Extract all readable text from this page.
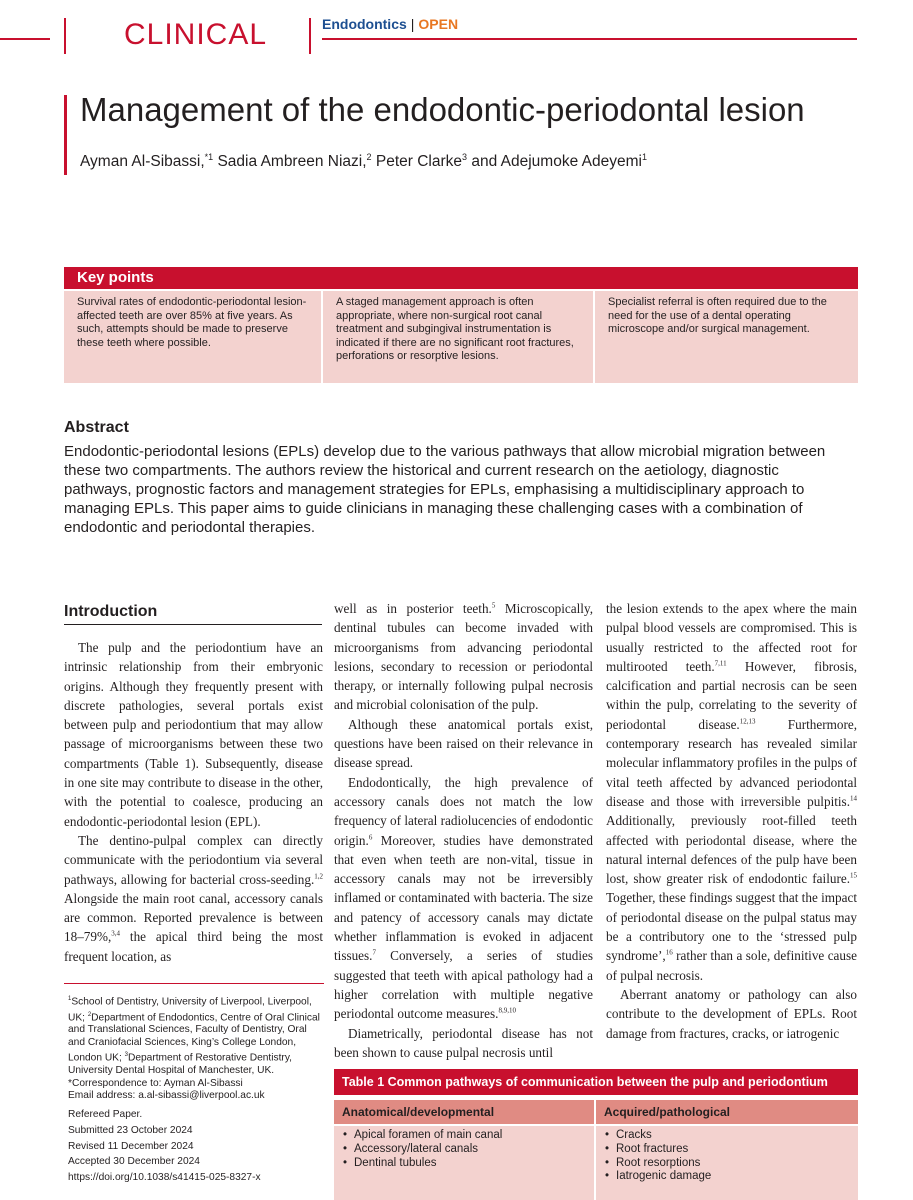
CLINICAL	Endodontics | OPEN
Management of the endodontic-periodontal lesion
Ayman Al-Sibassi,$^{*1}$ Sadia Ambreen Niazi,$^2$ Peter Clarke$^3$ and Adejumoke Adeyemi$^1$
Key points
Survival rates of endodontic-periodontal lesion-affected teeth are over 85% at five years. As such, attempts should be made to preserve these teeth where possible.
A staged management approach is often appropriate, where non-surgical root canal treatment and subgingival instrumentation is indicated if there are no significant root fractures, perforations or resorptive lesions.
Specialist referral is often required due to the need for the use of a dental operating microscope and/or surgical management.
Abstract
Endodontic-periodontal lesions (EPLs) develop due to the various pathways that allow microbial migration between these two compartments. The authors review the historical and current research on the aetiology, diagnostic pathways, prognostic factors and management strategies for EPLs, emphasising a multidisciplinary approach to managing EPLs. This paper aims to guide clinicians in managing these challenging cases with a combination of endodontic and periodontal therapies.
Introduction

The pulp and the periodontium have an intrinsic relationship from their embryonic origins. Although they frequently present with discrete pathologies, several portals exist between pulp and periodontium that may allow passage of microorganisms between these two compartments (Table 1). Subsequently, disease in one site may contribute to disease in the other, with the potential to coalesce, producing an endodontic-periodontal lesion (EPL).

The dentino-pulpal complex can directly communicate with the periodontium via several pathways, allowing for bacterial cross-seeding.$^{1,2}$ Alongside the main root canal, accessory canals are common. Reported prevalence is between 18–79%,$^{3,4}$ the apical third being the most frequent location, as

well as in posterior teeth.$^5$ Microscopically, dentinal tubules can become invaded with microorganisms from advancing periodontal lesions, secondary to recession or periodontal therapy, or internally following pulpal necrosis and microbial colonisation of the pulp.

Although these anatomical portals exist, questions have been raised on their relevance in disease spread.

Endodontically, the high prevalence of accessory canals does not match the low frequency of lateral radiolucencies of endodontic origin.$^6$ Moreover, studies have demonstrated that even when teeth are non-vital, tissue in accessory canals may not be irreversibly inflamed or contaminated with bacteria. The size and patency of accessory canals may dictate whether inflammation is evoked in adjacent tissues.$^7$ Conversely, a series of studies suggested that teeth with apical pathology had a higher correlation with multiple negative periodontal outcome measures.$^{8,9,10}$

Diametrically, periodontal disease has not been shown to cause pulpal necrosis until

the lesion extends to the apex where the main pulpal blood vessels are compromised. This is usually restricted to the affected root for multirooted teeth.$^{7,11}$ However, fibrosis, calcification and partial necrosis can be seen within the pulp, correlating to the severity of periodontal disease.$^{12,13}$ Furthermore, contemporary research has revealed similar molecular inflammatory profiles in the pulps of vital teeth affected by advanced periodontal disease and those with irreversible pulpitis.$^{14}$ Additionally, previously root-filled teeth affected with periodontal disease, where the natural internal defences of the pulp have been lost, show greater risk of endodontic failure.$^{15}$ Together, these findings suggest that the impact of periodontal disease on the pulpal status may be a contributory one to the ‘stressed pulp syndrome’,$^{16}$ rather than a sole, definitive cause of pulpal necrosis.

Aberrant anatomy or pathology can also contribute to the development of EPLs. Root damage from fractures, cracks, or iatrogenic

$^1$School of Dentistry, University of Liverpool, Liverpool, UK; $^2$Department of Endodontics, Centre of Oral Clinical and Translational Sciences, Faculty of Dentistry, Oral and Craniofacial Sciences, King’s College London, London UK; $^3$Department of Restorative Dentistry, University Dental Hospital of Manchester, UK.
*Correspondence to: Ayman Al-Sibassi
Email address: a.al-sibassi@liverpool.ac.uk
Refereed Paper.
Submitted 23 October 2024
Revised 11 December 2024
Accepted 30 December 2024
https://doi.org/10.1038/s41415-025-8327-x
Table 1 Common pathways of communication between the pulp and periodontium
Anatomical/developmental	Acquired/pathological
• Apical foramen of main canal
• Accessory/lateral canals
• Dentinal tubules
• Cracks
• Root fractures
• Root resorptions
• Iatrogenic damage
